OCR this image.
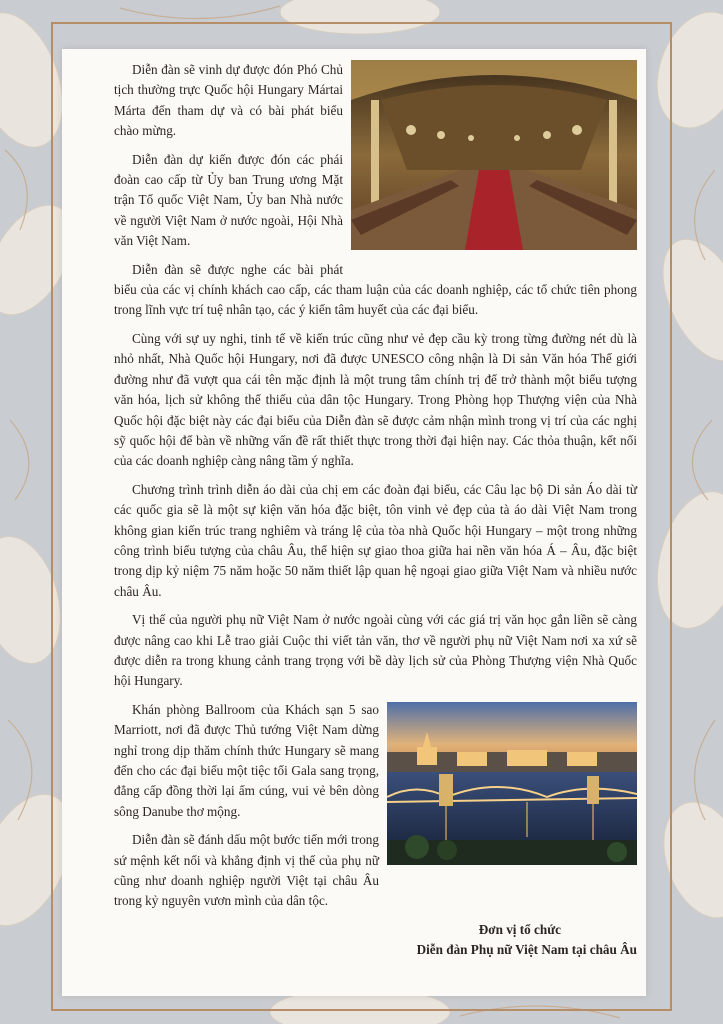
Diễn đàn sẽ vinh dự được đón Phó Chủ tịch thường trực Quốc hội Hungary Mártai Márta đến tham dự và có bài phát biểu chào mừng.

Diễn đàn dự kiến được đón các phái đoàn cao cấp từ Ủy ban Trung ương Mặt trận Tổ quốc Việt Nam, Ủy ban Nhà nước về người Việt Nam ở nước ngoài, Hội Nhà văn Việt Nam.

Diễn đàn sẽ được nghe các bài phát biểu của các vị chính khách cao cấp, các tham luận của các doanh nghiệp, các tổ chức tiên phong trong lĩnh vực trí tuệ nhân tạo, các ý kiến tâm huyết của các đại biểu.

Cùng với sự uy nghi, tinh tế về kiến trúc cũng như vẻ đẹp cầu kỳ trong từng đường nét dù là nhỏ nhất, Nhà Quốc hội Hungary, nơi đã được UNESCO công nhận là Di sản Văn hóa Thế giới đường như đã vượt qua cái tên mặc định là một trung tâm chính trị để trở thành một biểu tượng văn hóa, lịch sử không thể thiếu của dân tộc Hungary. Trong Phòng họp Thượng viện của Nhà Quốc hội đặc biệt này các đại biểu của Diễn đàn sẽ được cảm nhận mình trong vị trí của các nghị sỹ quốc hội để bàn về những vấn đề rất thiết thực trong thời đại hiện nay. Các thỏa thuận, kết nối của các doanh nghiệp càng nâng tầm ý nghĩa.

Chương trình trình diễn áo dài của chị em các đoàn đại biểu, các Câu lạc bộ Di sản Áo dài từ các quốc gia sẽ là một sự kiện văn hóa đặc biệt, tôn vinh vẻ đẹp của tà áo dài Việt Nam trong không gian kiến trúc trang nghiêm và tráng lệ của tòa nhà Quốc hội Hungary – một trong những công trình biểu tượng của châu Âu, thể hiện sự giao thoa giữa hai nền văn hóa Á – Âu, đặc biệt trong dịp kỷ niệm 75 năm hoặc 50 năm thiết lập quan hệ ngoại giao giữa Việt Nam và nhiều nước châu Âu.

Vị thế của người phụ nữ Việt Nam ở nước ngoài cùng với các giá trị văn học gắn liền sẽ càng được nâng cao khi Lễ trao giải Cuộc thi viết tản văn, thơ về người phụ nữ Việt Nam nơi xa xứ sẽ được diễn ra trong khung cảnh trang trọng với bề dày lịch sử của Phòng Thượng viện Nhà Quốc hội Hungary.

Khán phòng Ballroom của Khách sạn 5 sao Marriott, nơi đã được Thủ tướng Việt Nam dừng nghỉ trong dịp thăm chính thức Hungary sẽ mang đến cho các đại biểu một tiệc tối Gala sang trọng, đẳng cấp đồng thời lại ấm cúng, vui vẻ bên dòng sông Danube thơ mộng.

Diễn đàn sẽ đánh dấu một bước tiến mới trong sứ mệnh kết nối và khẳng định vị thế của phụ nữ cũng như doanh nghiệp người Việt tại châu Âu trong kỷ nguyên vươn mình của dân tộc.

Đơn vị tổ chức
Diễn đàn Phụ nữ Việt Nam tại châu Âu
